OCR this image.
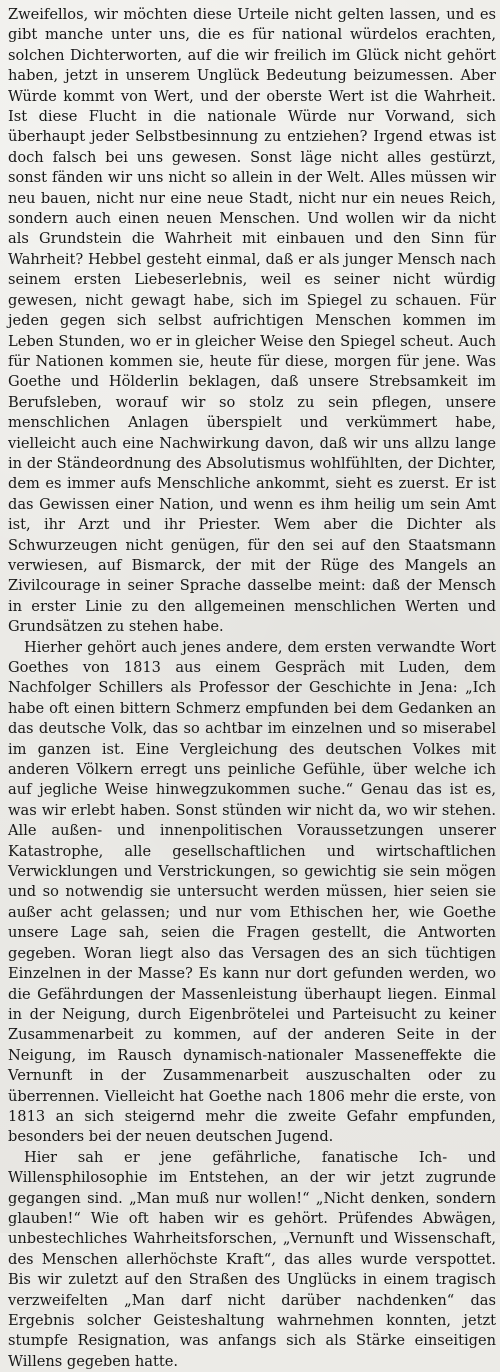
Zweifellos, wir möchten diese Urteile nicht gelten lassen, und es gibt manche unter uns, die es für national würdelos erachten, solchen Dichterworten, auf die wir freilich im Glück nicht gehört haben, jetzt in unserem Unglück Bedeutung beizumessen. Aber Würde kommt von Wert, und der oberste Wert ist die Wahrheit. Ist diese Flucht in die nationale Würde nur Vorwand, sich überhaupt jeder Selbstbesinnung zu entziehen? Irgend etwas ist doch falsch bei uns gewesen. Sonst läge nicht alles gestürzt, sonst fänden wir uns nicht so allein in der Welt. Alles müssen wir neu bauen, nicht nur eine neue Stadt, nicht nur ein neues Reich, sondern auch einen neuen Menschen. Und wollen wir da nicht als Grundstein die Wahrheit mit einbauen und den Sinn für Wahrheit? Hebbel gesteht einmal, daß er als junger Mensch nach seinem ersten Liebeserlebnis, weil es seiner nicht würdig gewesen, nicht gewagt habe, sich im Spiegel zu schauen. Für jeden gegen sich selbst aufrichtigen Menschen kommen im Leben Stunden, wo er in gleicher Weise den Spiegel scheut. Auch für Nationen kommen sie, heute für diese, morgen für jene. Was Goethe und Hölderlin beklagen, daß unsere Strebsamkeit im Berufsleben, worauf wir so stolz zu sein pflegen, unsere menschlichen Anlagen überspielt und verkümmert habe, vielleicht auch eine Nachwirkung davon, daß wir uns allzu lange in der Ständeordnung des Absolutismus wohlfühlten, der Dichter, dem es immer aufs Menschliche ankommt, sieht es zuerst. Er ist das Gewissen einer Nation, und wenn es ihm heilig um sein Amt ist, ihr Arzt und ihr Priester. Wem aber die Dichter als Schwurzeugen nicht genügen, für den sei auf den Staatsmann verwiesen, auf Bismarck, der mit der Rüge des Mangels an Zivilcourage in seiner Sprache dasselbe meint: daß der Mensch in erster Linie zu den allgemeinen menschlichen Werten und Grundsätzen zu stehen habe.

Hierher gehört auch jenes andere, dem ersten verwandte Wort Goethes von 1813 aus einem Gespräch mit Luden, dem Nachfolger Schillers als Professor der Geschichte in Jena: „Ich habe oft einen bittern Schmerz empfunden bei dem Gedanken an das deutsche Volk, das so achtbar im einzelnen und so miserabel im ganzen ist. Eine Vergleichung des deutschen Volkes mit anderen Völkern erregt uns peinliche Gefühle, über welche ich auf jegliche Weise hinwegzukommen suche.“ Genau das ist es, was wir erlebt haben. Sonst stünden wir nicht da, wo wir stehen. Alle außen- und innenpolitischen Voraussetzungen unserer Katastrophe, alle gesellschaftlichen und wirtschaftlichen Verwicklungen und Verstrickungen, so gewichtig sie sein mögen und so notwendig sie untersucht werden müssen, hier seien sie außer acht gelassen; und nur vom Ethischen her, wie Goethe unsere Lage sah, seien die Fragen gestellt, die Antworten gegeben. Woran liegt also das Versagen des an sich tüchtigen Einzelnen in der Masse? Es kann nur dort gefunden werden, wo die Gefährdungen der Massenleistung überhaupt liegen. Einmal in der Neigung, durch Eigenbrötelei und Parteisucht zu keiner Zusammenarbeit zu kommen, auf der anderen Seite in der Neigung, im Rausch dynamisch-nationaler Masseneffekte die Vernunft in der Zusammenarbeit auszuschalten oder zu überrennen. Vielleicht hat Goethe nach 1806 mehr die erste, von 1813 an sich steigernd mehr die zweite Gefahr empfunden, besonders bei der neuen deutschen Jugend.

Hier sah er jene gefährliche, fanatische Ich- und Willensphilosophie im Entstehen, an der wir jetzt zugrunde gegangen sind. „Man muß nur wollen!“ „Nicht denken, sondern glauben!“ Wie oft haben wir es gehört. Prüfendes Abwägen, unbestechliches Wahrheitsforschen, „Vernunft und Wissenschaft, des Menschen allerhöchste Kraft“, das alles wurde verspottet. Bis wir zuletzt auf den Straßen des Unglücks in einem tragisch verzweifelten „Man darf nicht darüber nachdenken“ das Ergebnis solcher Geisteshaltung wahrnehmen konnten, jetzt stumpfe Resignation, was anfangs sich als Stärke einseitigen Willens gegeben hatte.
